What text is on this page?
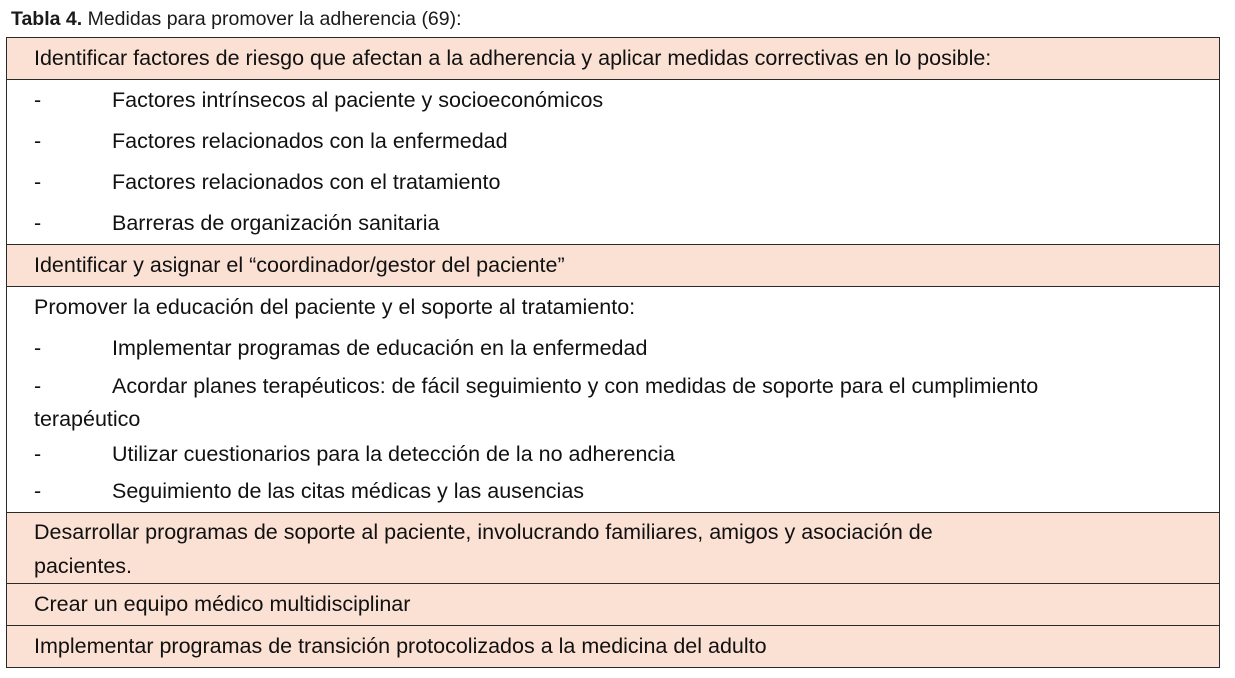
Tabla 4. Medidas para promover la adherencia (69):
Identificar factores de riesgo que afectan a la adherencia y aplicar medidas correctivas en lo posible:

-	Factores intrínsecos al paciente y socioeconómicos
-	Factores relacionados con la enfermedad
-	Factores relacionados con el tratamiento
-	Barreras de organización sanitaria

Identificar y asignar el “coordinador/gestor del paciente”

Promover la educación del paciente y el soporte al tratamiento:
-	Implementar programas de educación en la enfermedad
-	Acordar planes terapéuticos: de fácil seguimiento y con medidas de soporte para el cumplimiento
terapéutico
-	Utilizar cuestionarios para la detección de la no adherencia
-	Seguimiento de las citas médicas y las ausencias

Desarrollar programas de soporte al paciente, involucrando familiares, amigos y asociación de
pacientes.

Crear un equipo médico multidisciplinar

Implementar programas de transición protocolizados a la medicina del adulto
